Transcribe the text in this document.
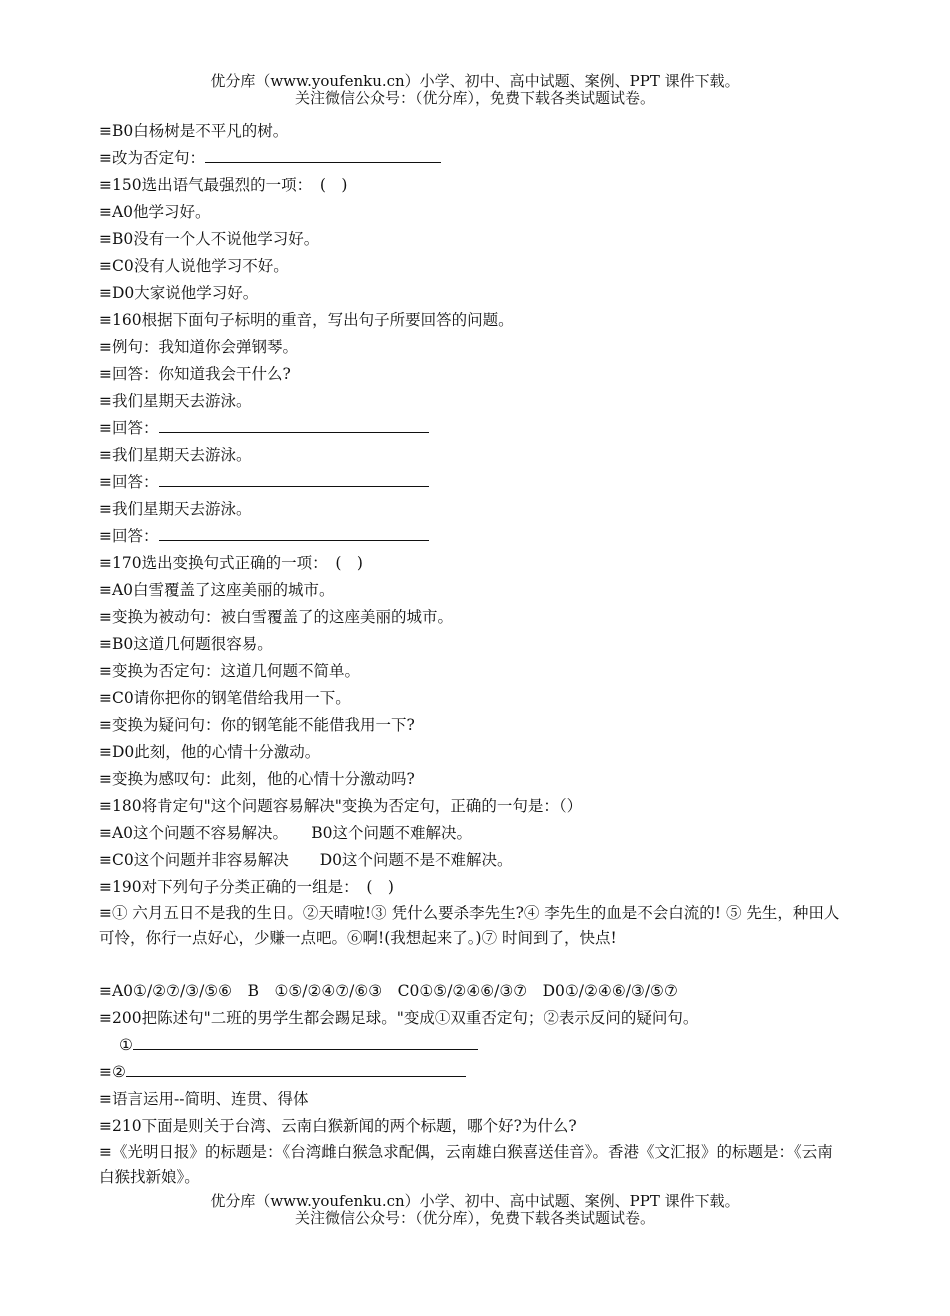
优分库（www.youfenku.cn）小学、初中、高中试题、案例、PPT 课件下载。
关注微信公众号：（优分库），免费下载各类试题试卷。
≡B0白杨树是不平凡的树。
≡改为否定句：
≡150选出语气最强烈的一项：　(　)
≡A0他学习好。
≡B0没有一个人不说他学习好。
≡C0没有人说他学习不好。
≡D0大家说他学习好。
≡160根据下面句子标明的重音，写出句子所要回答的问题。
≡例句：我知道你会弹钢琴。
≡回答：你知道我会干什么?
≡我们星期天去游泳。
≡回答：
≡我们星期天去游泳。
≡回答：
≡我们星期天去游泳。
≡回答：
≡170选出变换句式正确的一项：　(　)
≡A0白雪覆盖了这座美丽的城市。
≡变换为被动句：被白雪覆盖了的这座美丽的城市。
≡B0这道几何题很容易。
≡变换为否定句：这道几何题不简单。
≡C0请你把你的钢笔借给我用一下。
≡变换为疑问句：你的钢笔能不能借我用一下?
≡D0此刻，他的心情十分激动。
≡变换为感叹句：此刻，他的心情十分激动吗?
≡180将肯定句"这个问题容易解决"变换为否定句，正确的一句是：（）
≡A0这个问题不容易解决。　　B0这个问题不难解决。
≡C0这个问题并非容易解决　　D0这个问题不是不难解决。
≡190对下列句子分类正确的一组是：　(　)
≡① 六月五日不是我的生日。②天晴啦!③ 凭什么要杀李先生?④ 李先生的血是不会白流的! ⑤ 先生，种田人可怜，你行一点好心，少赚一点吧。⑥啊!(我想起来了。)⑦ 时间到了，快点!
≡A0①/②⑦/③/⑤⑥　B　①⑤/②④⑦/⑥③　C0①⑤/②④⑥/③⑦　D0①/②④⑥/③/⑤⑦
≡200把陈述句"二班的男学生都会踢足球。"变成①双重否定句；②表示反问的疑问句。
①
≡②
≡语言运用--简明、连贯、得体
≡210下面是则关于台湾、云南白猴新闻的两个标题，哪个好?为什么?
≡《光明日报》的标题是：《台湾雌白猴急求配偶，云南雄白猴喜送佳音》。香港《文汇报》的标题是：《云南白猴找新娘》。
优分库（www.youfenku.cn）小学、初中、高中试题、案例、PPT 课件下载。
关注微信公众号：（优分库），免费下载各类试题试卷。
